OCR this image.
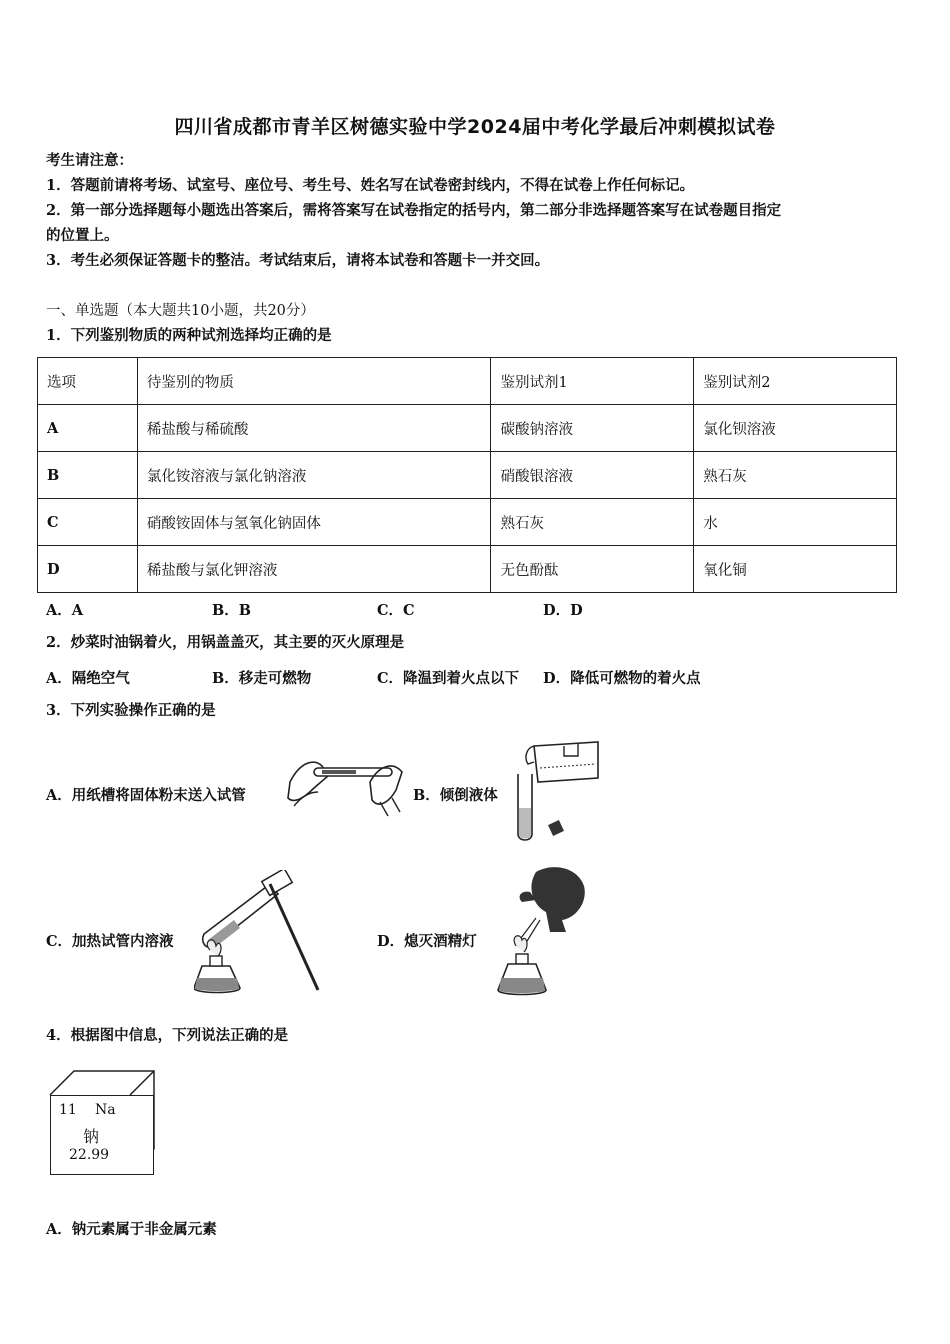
四川省成都市青羊区树德实验中学2024届中考化学最后冲刺模拟试卷
考生请注意：
1．答题前请将考场、试室号、座位号、考生号、姓名写在试卷密封线内，不得在试卷上作任何标记。
2．第一部分选择题每小题选出答案后，需将答案写在试卷指定的括号内，第二部分非选择题答案写在试卷题目指定
的位置上。
3．考生必须保证答题卡的整洁。考试结束后，请将本试卷和答题卡一并交回。
一、单选题（本大题共10小题，共20分）
1．下列鉴别物质的两种试剂选择均正确的是
选项	待鉴别的物质	鉴别试剂1	鉴别试剂2
A	稀盐酸与稀硫酸	碳酸钠溶液	氯化钡溶液
B	氯化铵溶液与氯化钠溶液	硝酸银溶液	熟石灰
C	硝酸铵固体与氢氧化钠固体	熟石灰	水
D	稀盐酸与氯化钾溶液	无色酚酞	氧化铜
A．A	B．B	C．C	D．D
2．炒菜时油锅着火，用锅盖盖灭，其主要的灭火原理是
A．隔绝空气	B．移走可燃物	C．降温到着火点以下 D．降低可燃物的着火点
3．下列实验操作正确的是
A．用纸槽将固体粉末送入试管	B．倾倒液体
C．加热试管内溶液	D．熄灭酒精灯
4．根据图中信息，下列说法正确的是
11 Na
钠
22.99
A．钠元素属于非金属元素
